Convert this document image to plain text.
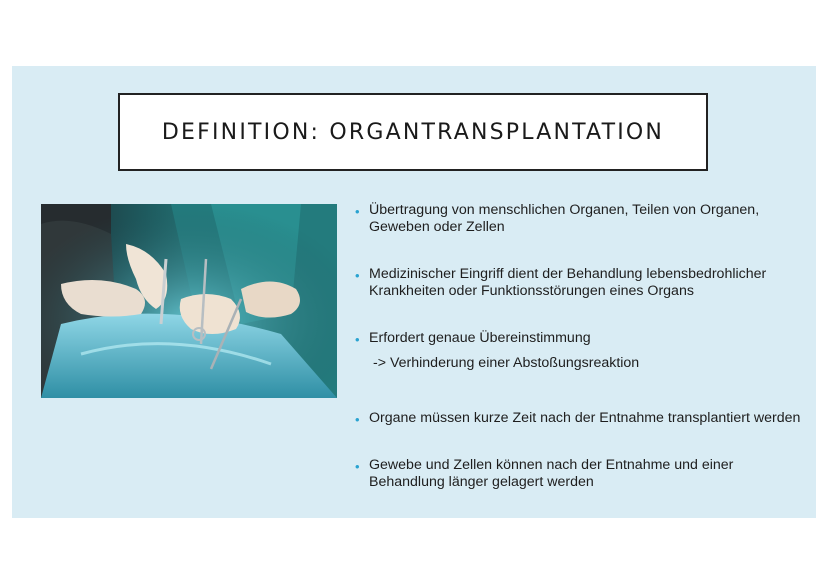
DEFINITION: ORGANTRANSPLANTATION
• Übertragung von menschlichen Organen, Teilen von Organen, Geweben oder Zellen
• Medizinischer Eingriff dient der Behandlung lebensbedrohlicher Krankheiten oder Funktionsstörungen eines Organs
• Erfordert genaue Übereinstimmung
-> Verhinderung einer Abstoßungsreaktion
• Organe müssen kurze Zeit nach der Entnahme transplantiert werden
• Gewebe und Zellen können nach der Entnahme und einer Behandlung länger gelagert werden
